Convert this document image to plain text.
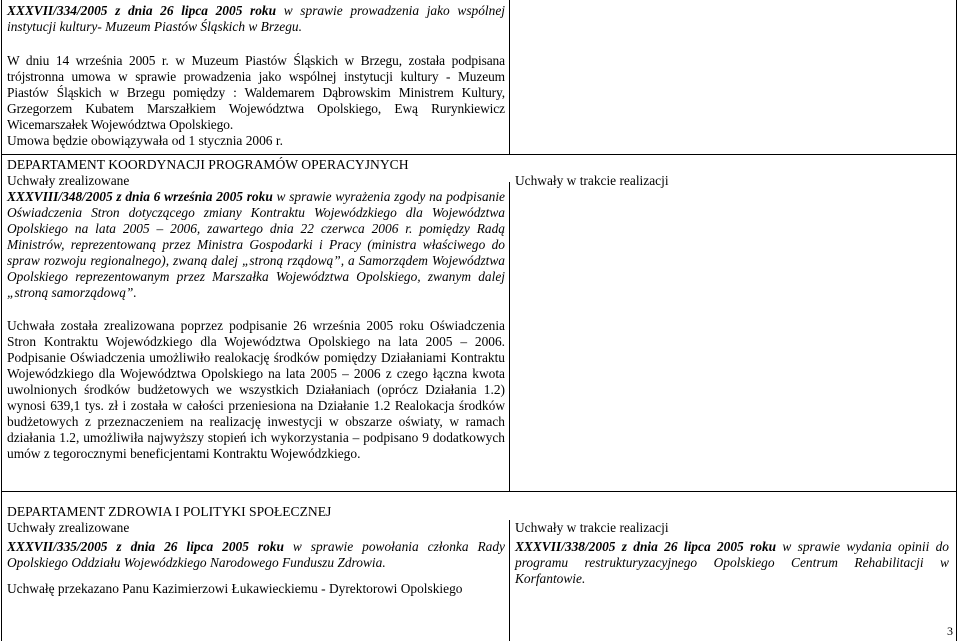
XXXVII/334/2005 z dnia 26 lipca 2005 roku w sprawie prowadzenia jako wspólnej instytucji kultury- Muzeum Piastów Śląskich w Brzegu.

W dniu 14 września 2005 r. w Muzeum Piastów Śląskich w Brzegu, została podpisana trójstronna umowa w sprawie prowadzenia jako wspólnej instytucji kultury - Muzeum Piastów Śląskich w Brzegu pomiędzy : Waldemarem Dąbrowskim Ministrem Kultury, Grzegorzem Kubatem Marszałkiem Województwa Opolskiego, Ewą Rurynkiewicz Wicemarszałek Województwa Opolskiego.

Umowa będzie obowiązywała od 1 stycznia 2006 r.

DEPARTAMENT KOORDYNACJI PROGRAMÓW OPERACYJNYCH
Uchwały zrealizowane	Uchwały w trakcie realizacji

XXXVIII/348/2005 z dnia 6 września 2005 roku w sprawie wyrażenia zgody na podpisanie Oświadczenia Stron dotyczącego zmiany Kontraktu Wojewódzkiego dla Województwa Opolskiego na lata 2005 – 2006, zawartego dnia 22 czerwca 2006 r. pomiędzy Radą Ministrów, reprezentowaną przez Ministra Gospodarki i Pracy (ministra właściwego do spraw rozwoju regionalnego), zwaną dalej „stroną rządową”, a Samorządem Województwa Opolskiego reprezentowanym przez Marszałka Województwa Opolskiego, zwanym dalej „stroną samorządową”.

Uchwała została zrealizowana poprzez podpisanie 26 września 2005 roku Oświadczenia Stron Kontraktu Wojewódzkiego dla Województwa Opolskiego na lata 2005 – 2006. Podpisanie Oświadczenia umożliwiło realokację środków pomiędzy Działaniami Kontraktu Wojewódzkiego dla Województwa Opolskiego na lata 2005 – 2006 z czego łączna kwota uwolnionych środków budżetowych we wszystkich Działaniach (oprócz Działania 1.2) wynosi 639,1 tys. zł i została w całości przeniesiona na Działanie 1.2 Realokacja środków budżetowych z przeznaczeniem na realizację inwestycji w obszarze oświaty, w ramach działania 1.2, umożliwiła najwyższy stopień ich wykorzystania – podpisano 9 dodatkowych umów z tegorocznymi beneficjentami Kontraktu Wojewódzkiego.

DEPARTAMENT ZDROWIA I POLITYKI SPOŁECZNEJ
Uchwały zrealizowane	Uchwały w trakcie realizacji

XXXVII/335/2005 z dnia 26 lipca 2005 roku w sprawie powołania członka Rady Opolskiego Oddziału Wojewódzkiego Narodowego Funduszu Zdrowia.

Uchwałę przekazano Panu Kazimierzowi Łukawieckiemu - Dyrektorowi Opolskiego

XXXVII/338/2005 z dnia 26 lipca 2005 roku w sprawie wydania opinii do programu restrukturyzacyjnego Opolskiego Centrum Rehabilitacji w Korfantowie.

3
